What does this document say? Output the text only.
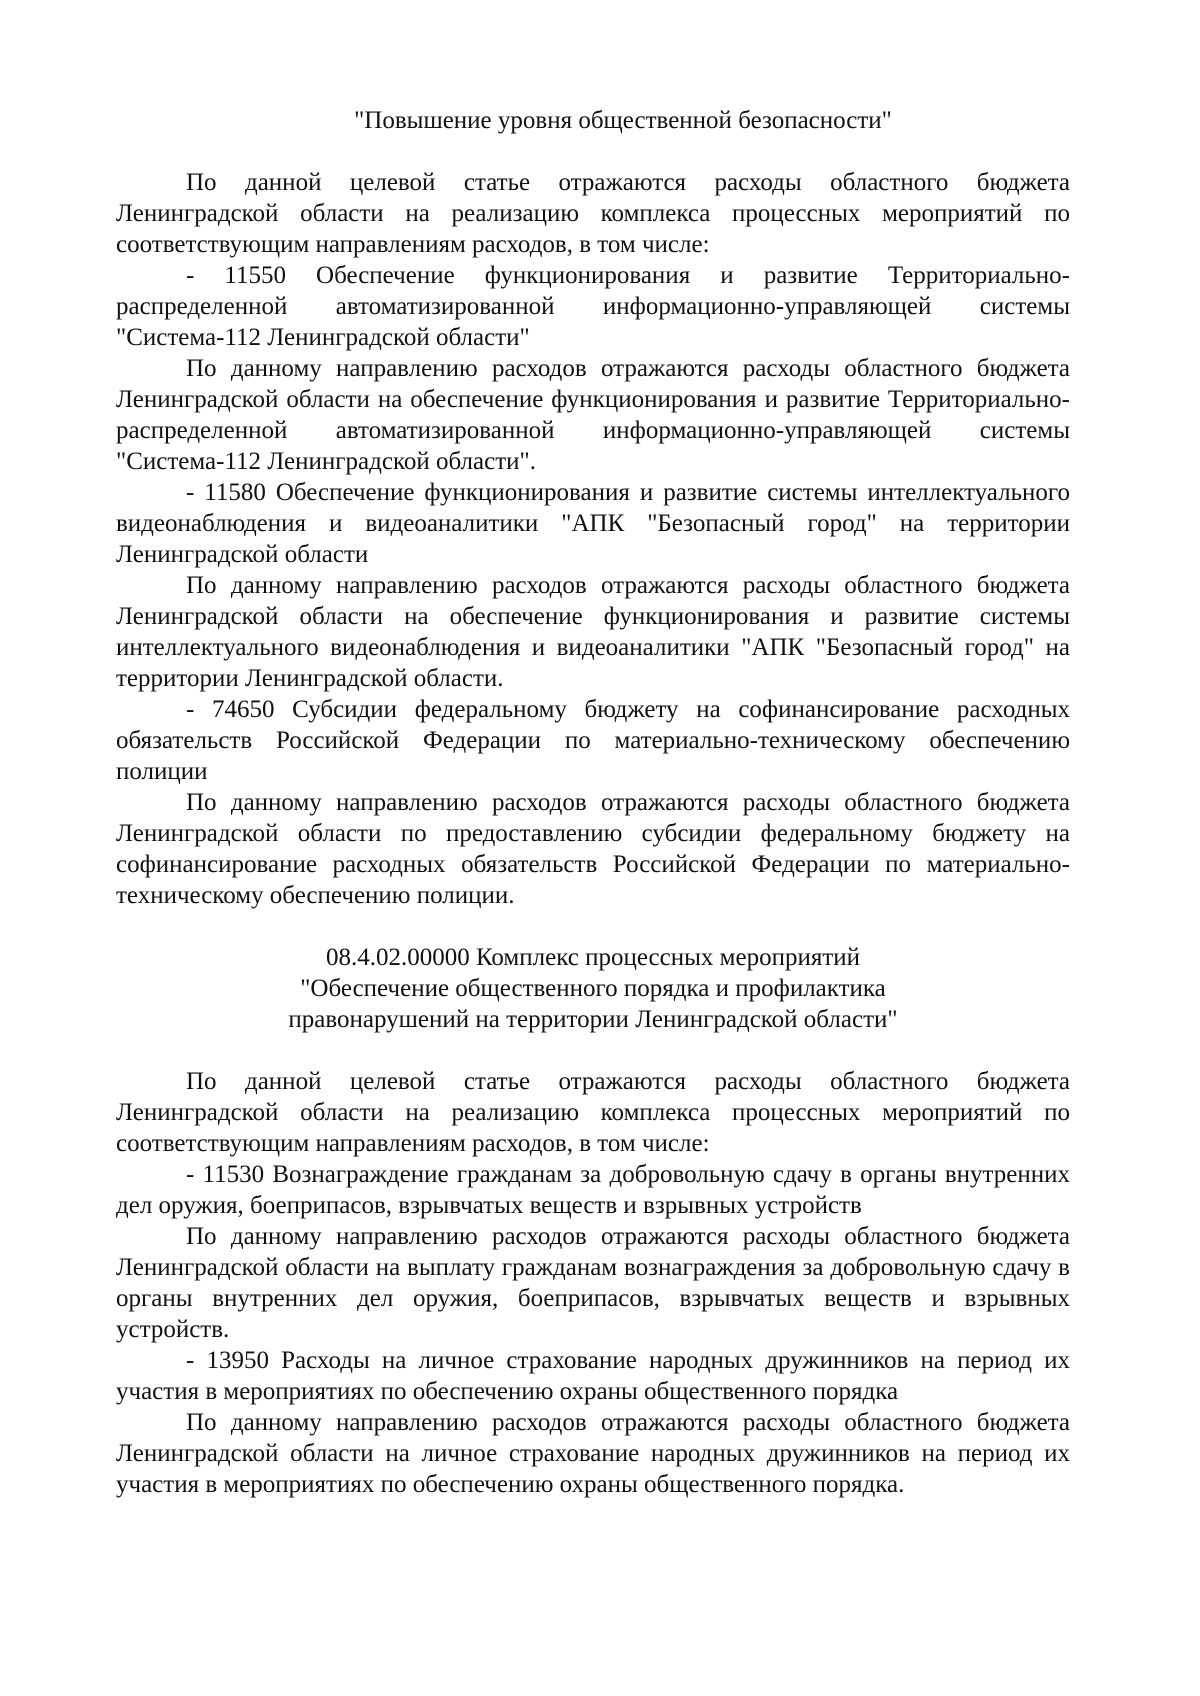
"Повышение уровня общественной безопасности"

По данной целевой статье отражаются расходы областного бюджета Ленинградской области на реализацию комплекса процессных мероприятий по соответствующим направлениям расходов, в том числе:

- 11550 Обеспечение функционирования и развитие Территориально-распределенной автоматизированной информационно-управляющей системы "Система-112 Ленинградской области"

По данному направлению расходов отражаются расходы областного бюджета Ленинградской области на обеспечение функционирования и развитие Территориально-распределенной автоматизированной информационно-управляющей системы "Система-112 Ленинградской области".

- 11580 Обеспечение функционирования и развитие системы интеллектуального видеонаблюдения и видеоаналитики "АПК "Безопасный город" на территории Ленинградской области

По данному направлению расходов отражаются расходы областного бюджета Ленинградской области на обеспечение функционирования и развитие системы интеллектуального видеонаблюдения и видеоаналитики "АПК "Безопасный город" на территории Ленинградской области.

- 74650 Субсидии федеральному бюджету на софинансирование расходных обязательств Российской Федерации по материально-техническому обеспечению полиции

По данному направлению расходов отражаются расходы областного бюджета Ленинградской области по предоставлению субсидии федеральному бюджету на софинансирование расходных обязательств Российской Федерации по материально-техническому обеспечению полиции.

08.4.02.00000 Комплекс процессных мероприятий
"Обеспечение общественного порядка и профилактика
правонарушений на территории Ленинградской области"

По данной целевой статье отражаются расходы областного бюджета Ленинградской области на реализацию комплекса процессных мероприятий по соответствующим направлениям расходов, в том числе:

- 11530 Вознаграждение гражданам за добровольную сдачу в органы внутренних дел оружия, боеприпасов, взрывчатых веществ и взрывных устройств

По данному направлению расходов отражаются расходы областного бюджета Ленинградской области на выплату гражданам вознаграждения за добровольную сдачу в органы внутренних дел оружия, боеприпасов, взрывчатых веществ и взрывных устройств.

- 13950 Расходы на личное страхование народных дружинников на период их участия в мероприятиях по обеспечению охраны общественного порядка

По данному направлению расходов отражаются расходы областного бюджета Ленинградской области на личное страхование народных дружинников на период их участия в мероприятиях по обеспечению охраны общественного порядка.
